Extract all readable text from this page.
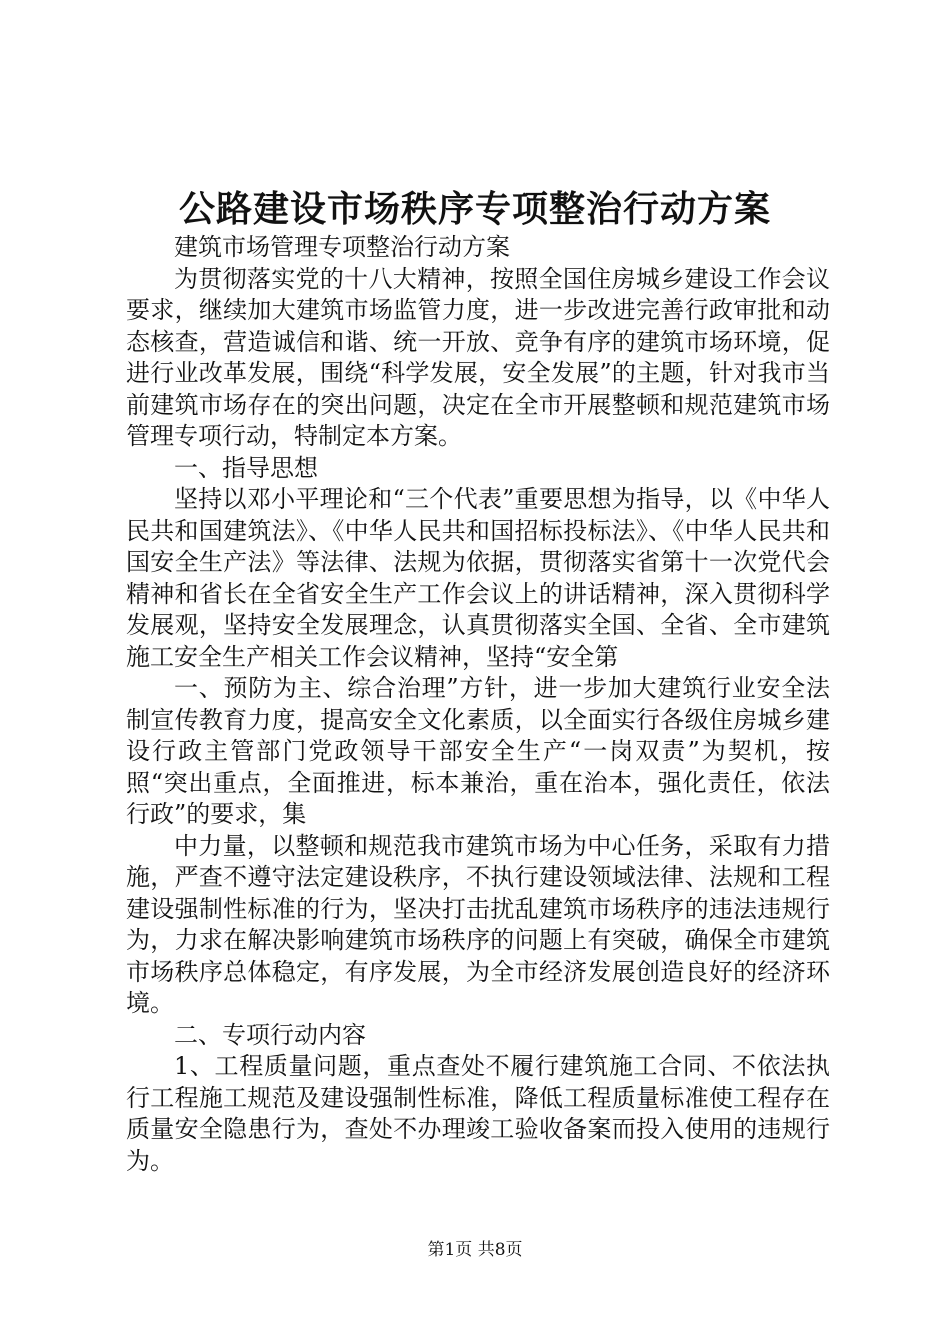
公路建设市场秩序专项整治行动方案

建筑市场管理专项整治行动方案

为贯彻落实党的十八大精神，按照全国住房城乡建设工作会议要求，继续加大建筑市场监管力度，进一步改进完善行政审批和动态核查，营造诚信和谐、统一开放、竞争有序的建筑市场环境，促进行业改革发展，围绕“科学发展，安全发展”的主题，针对我市当前建筑市场存在的突出问题，决定在全市开展整顿和规范建筑市场管理专项行动，特制定本方案。

一、指导思想

坚持以邓小平理论和“三个代表”重要思想为指导，以《中华人民共和国建筑法》、《中华人民共和国招标投标法》、《中华人民共和国安全生产法》等法律、法规为依据，贯彻落实省第十一次党代会精神和省长在全省安全生产工作会议上的讲话精神，深入贯彻科学发展观，坚持安全发展理念，认真贯彻落实全国、全省、全市建筑施工安全生产相关工作会议精神，坚持“安全第

一、预防为主、综合治理”方针，进一步加大建筑行业安全法制宣传教育力度，提高安全文化素质，以全面实行各级住房城乡建设行政主管部门党政领导干部安全生产“一岗双责”为契机，按照“突出重点，全面推进，标本兼治，重在治本，强化责任，依法行政”的要求，集

中力量，以整顿和规范我市建筑市场为中心任务，采取有力措施，严查不遵守法定建设秩序，不执行建设领域法律、法规和工程建设强制性标准的行为，坚决打击扰乱建筑市场秩序的违法违规行为，力求在解决影响建筑市场秩序的问题上有突破，确保全市建筑市场秩序总体稳定，有序发展，为全市经济发展创造良好的经济环境。

二、专项行动内容

1、工程质量问题，重点查处不履行建筑施工合同、不依法执行工程施工规范及建设强制性标准，降低工程质量标准使工程存在质量安全隐患行为，查处不办理竣工验收备案而投入使用的违规行为。

第1页 共8页
